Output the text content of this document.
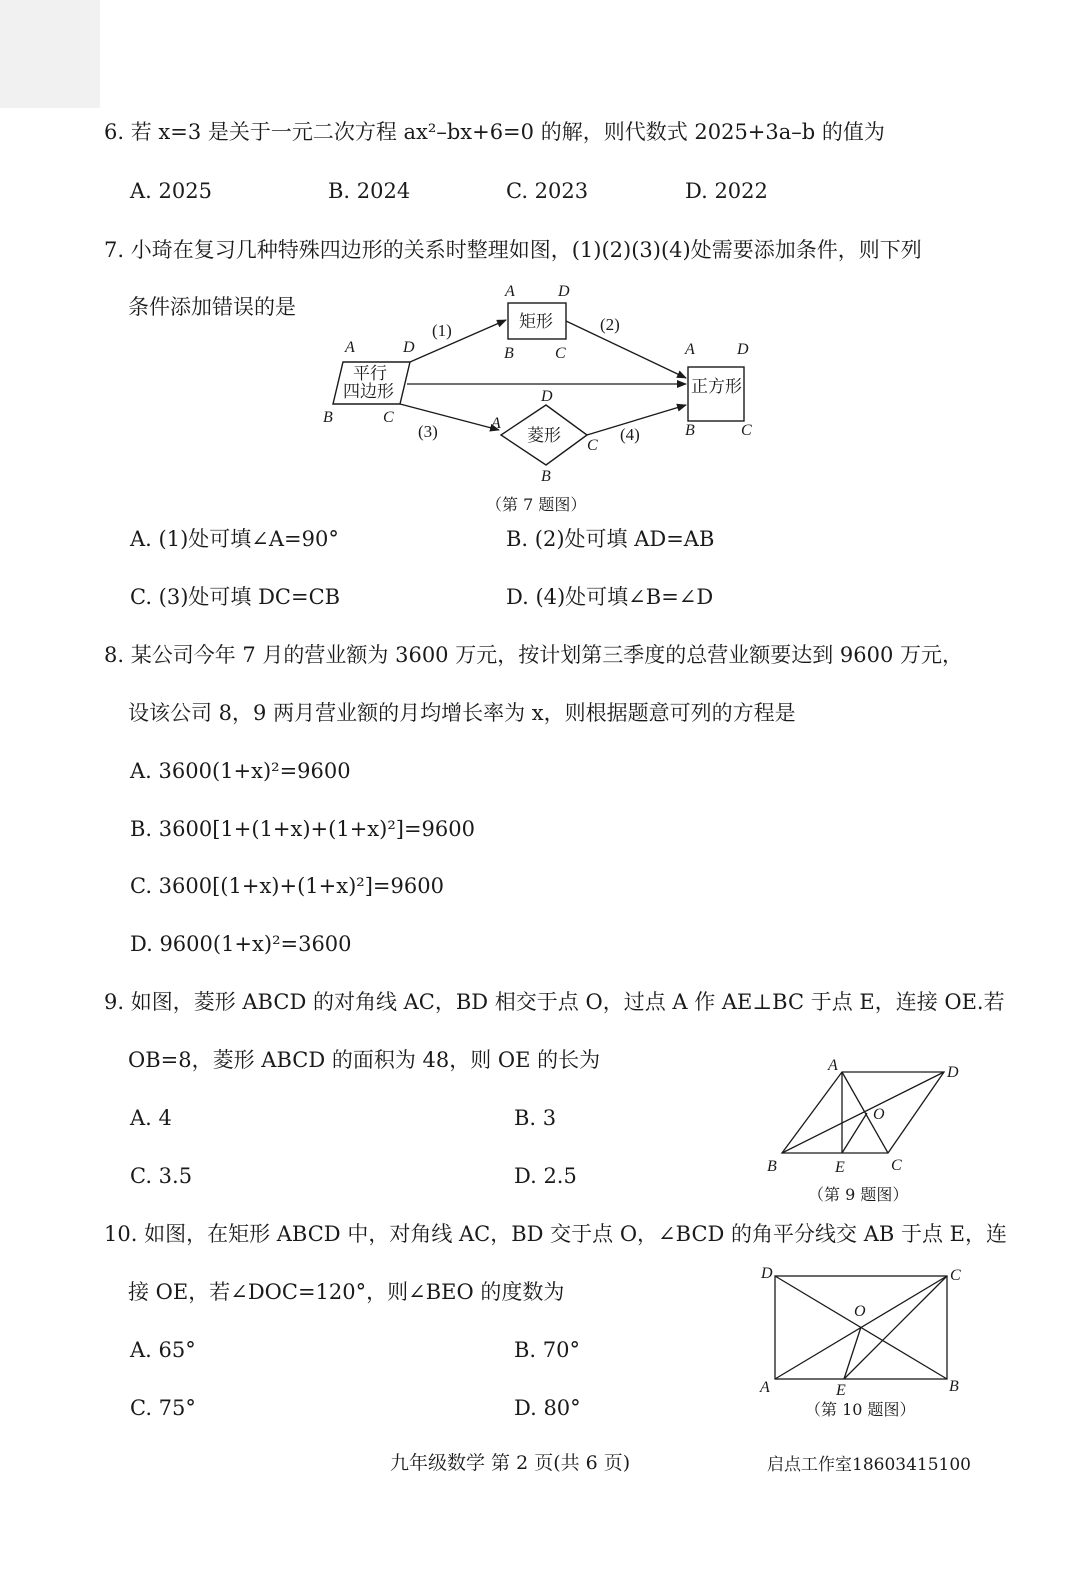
6. 若 x=3 是关于一元二次方程 ax²–bx+6=0 的解，则代数式 2025+3a–b 的值为
A. 2025	B. 2024	C. 2023	D. 2022
7. 小琦在复习几种特殊四边形的关系时整理如图，(1)(2)(3)(4)处需要添加条件，则下列
条件添加错误的是
平行
四边形
A	D
B	C
矩形
A	D
B	C
菱形
D
A
C
B
正方形
A	D
B	C
(1)	(2)
(3)	(4)
（第 7 题图）
A. (1)处可填∠A=90°	B. (2)处可填 AD=AB
C. (3)处可填 DC=CB	D. (4)处可填∠B=∠D
8. 某公司今年 7 月的营业额为 3600 万元，按计划第三季度的总营业额要达到 9600 万元，
设该公司 8，9 两月营业额的月均增长率为 x，则根据题意可列的方程是
A. 3600(1+x)²=9600
B. 3600[1+(1+x)+(1+x)²]=9600
C. 3600[(1+x)+(1+x)²]=9600
D. 9600(1+x)²=3600
9. 如图，菱形 ABCD 的对角线 AC，BD 相交于点 O，过点 A 作 AE⊥BC 于点 E，连接 OE.若
OB=8，菱形 ABCD 的面积为 48，则 OE 的长为
A. 4	B. 3
C. 3.5	D. 2.5
A	D
O
B	E	C
（第 9 题图）
10. 如图，在矩形 ABCD 中，对角线 AC，BD 交于点 O，∠BCD 的角平分线交 AB 于点 E，连
接 OE，若∠DOC=120°，则∠BEO 的度数为
A. 65°	B. 70°
C. 75°	D. 80°
D	C
O
A	E	B
（第 10 题图）
九年级数学 第 2 页(共 6 页)	启点工作室18603415100
